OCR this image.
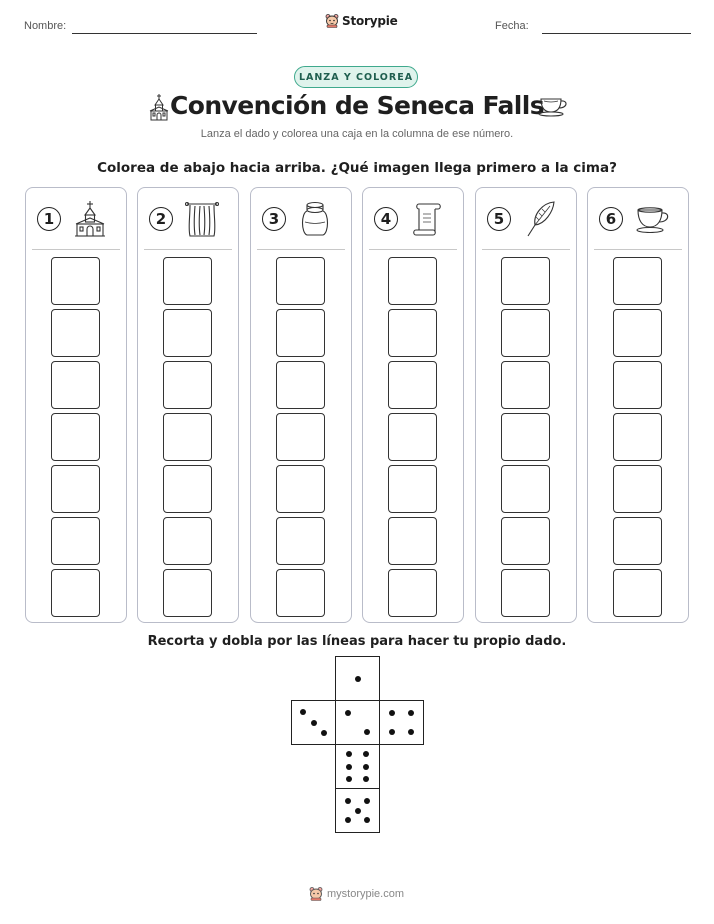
Nombre:	Storypie	Fecha:
LANZA Y COLOREA
Convención de Seneca Falls
Lanza el dado y colorea una caja en la columna de ese número.
Colorea de abajo hacia arriba. ¿Qué imagen llega primero a la cima?
1	2	3	4	5	6
Recorta y dobla por las líneas para hacer tu propio dado.
mystorypie.com
